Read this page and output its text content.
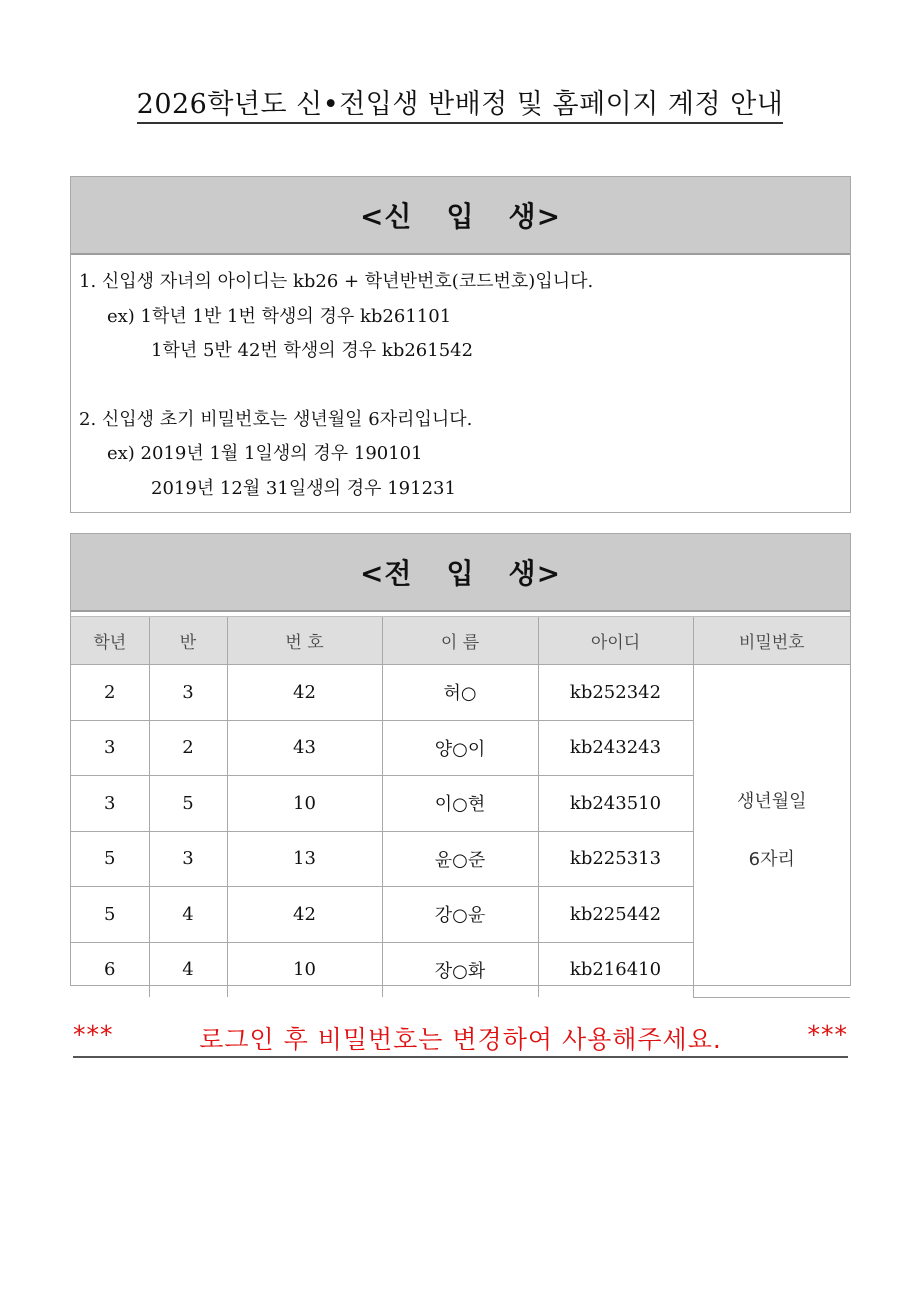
2026학년도 신•전입생 반배정 및 홈페이지 계정 안내
<신 입 생>
1. 신입생 자녀의 아이디는 kb26 + 학년반번호(코드번호)입니다.
ex) 1학년 1반 1번 학생의 경우 kb261101
1학년 5반 42번 학생의 경우 kb261542
2. 신입생 초기 비밀번호는 생년월일 6자리입니다.
ex) 2019년 1월 1일생의 경우 190101
2019년 12월 31일생의 경우 191231
<전 입 생>
학년	반	번 호	이 름	아이디	비밀번호
2	3	42	허○	kb252342	생년월일
6자리

3	2	43	양○이	kb243243	
3	5	10	이○현	kb243510	
5	3	13	윤○준	kb225313	
5	4	42	강○윤	kb225442	
6	4	10	장○화	kb216410	
***	로그인 후 비밀번호는 변경하여 사용해주세요.	***
